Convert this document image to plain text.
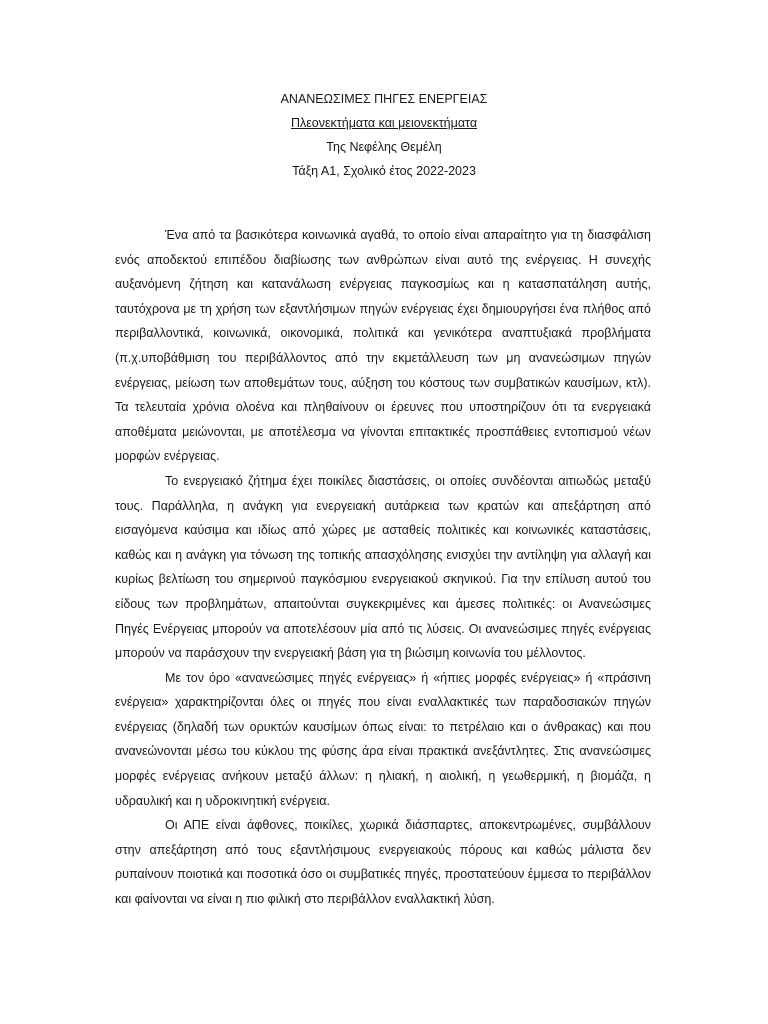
ΑΝΑΝΕΩΣΙΜΕΣ ΠΗΓΕΣ ΕΝΕΡΓΕΙΑΣ
Πλεονεκτήματα και μειονεκτήματα
Της Νεφέλης Θεμέλη
Τάξη Α1, Σχολικό έτος 2022-2023

Ένα από τα βασικότερα κοινωνικά αγαθά, το οποίο είναι απαραίτητο για τη διασφάλιση ενός αποδεκτού επιπέδου διαβίωσης των ανθρώπων είναι αυτό της ενέργειας. Η συνεχής αυξανόμενη ζήτηση και κατανάλωση ενέργειας παγκοσμίως και η κατασπατάληση αυτής, ταυτόχρονα με τη χρήση των εξαντλήσιμων πηγών ενέργειας έχει δημιουργήσει ένα πλήθος από περιβαλλοντικά, κοινωνικά, οικονομικά, πολιτικά και γενικότερα αναπτυξιακά προβλήματα (π.χ.υποβάθμιση του περιβάλλοντος από την εκμετάλλευση των μη ανανεώσιμων πηγών ενέργειας, μείωση των αποθεμάτων τους, αύξηση του κόστους των συμβατικών καυσίμων, κτλ). Τα τελευταία χρόνια ολοένα και πληθαίνουν οι έρευνες που υποστηρίζουν ότι τα ενεργειακά αποθέματα μειώνονται, με αποτέλεσμα να γίνονται επιτακτικές προσπάθειες εντοπισμού νέων μορφών ενέργειας.

Το ενεργειακό ζήτημα έχει ποικίλες διαστάσεις, οι οποίες συνδέονται αιτιωδώς μεταξύ τους. Παράλληλα, η ανάγκη για ενεργειακή αυτάρκεια των κρατών και απεξάρτηση από εισαγόμενα καύσιμα και ιδίως από χώρες με ασταθείς πολιτικές και κοινωνικές καταστάσεις, καθώς και η ανάγκη για τόνωση της τοπικής απασχόλησης ενισχύει την αντίληψη για αλλαγή και κυρίως βελτίωση του σημερινού παγκόσμιου ενεργειακού σκηνικού. Για την επίλυση αυτού του είδους των προβλημάτων, απαιτούνται συγκεκριμένες και άμεσες πολιτικές: οι Ανανεώσιμες Πηγές Ενέργειας μπορούν να αποτελέσουν μία από τις λύσεις. Οι ανανεώσιμες πηγές ενέργειας μπορούν να παράσχουν την ενεργειακή βάση για τη βιώσιμη κοινωνία του μέλλοντος.

Με τον όρο «ανανεώσιμες πηγές ενέργειας» ή «ήπιες μορφές ενέργειας» ή «πράσινη ενέργεια» χαρακτηρίζονται όλες οι πηγές που είναι εναλλακτικές των παραδοσιακών πηγών ενέργειας (δηλαδή των ορυκτών καυσίμων όπως είναι: το πετρέλαιο και ο άνθρακας) και που ανανεώνονται μέσω του κύκλου της φύσης άρα είναι πρακτικά ανεξάντλητες. Στις ανανεώσιμες μορφές ενέργειας ανήκουν μεταξύ άλλων: η ηλιακή, η αιολική, η γεωθερμική, η βιομάζα, η υδραυλική και η υδροκινητική ενέργεια.

Οι ΑΠΕ είναι άφθονες, ποικίλες, χωρικά διάσπαρτες, αποκεντρωμένες, συμβάλλουν στην απεξάρτηση από τους εξαντλήσιμους ενεργειακούς πόρους και καθώς μάλιστα δεν ρυπαίνουν ποιοτικά και ποσοτικά όσο οι συμβατικές πηγές, προστατεύουν έμμεσα το περιβάλλον και φαίνονται να είναι η πιο φιλική στο περιβάλλον εναλλακτική λύση.
